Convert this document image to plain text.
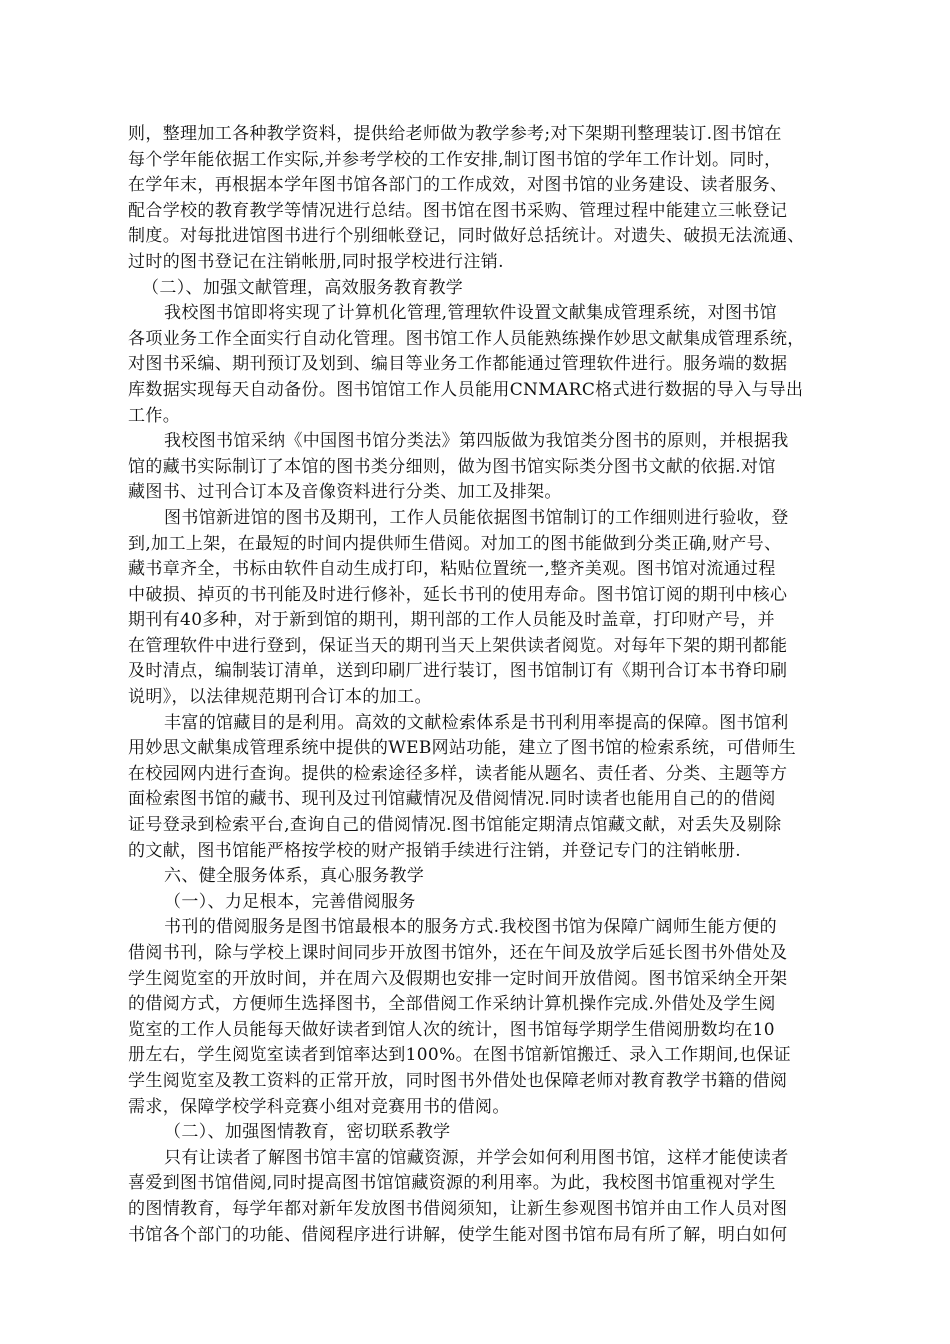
则，整理加工各种教学资料，提供给老师做为教学参考;对下架期刊整理装订.图书馆在
每个学年能依据工作实际,并参考学校的工作安排,制订图书馆的学年工作计划。同时，
在学年末，再根据本学年图书馆各部门的工作成效，对图书馆的业务建设、读者服务、
配合学校的教育教学等情况进行总结。图书馆在图书采购、管理过程中能建立三帐登记
制度。对每批进馆图书进行个别细帐登记，同时做好总括统计。对遗失、破损无法流通、
过时的图书登记在注销帐册,同时报学校进行注销.
（二）、加强文献管理，高效服务教育教学
我校图书馆即将实现了计算机化管理,管理软件设置文献集成管理系统，对图书馆
各项业务工作全面实行自动化管理。图书馆工作人员能熟练操作妙思文献集成管理系统，
对图书采编、期刊预订及划到、编目等业务工作都能通过管理软件进行。服务端的数据
库数据实现每天自动备份。图书馆馆工作人员能用CNMARC格式进行数据的导入与导出
工作。
我校图书馆采纳《中国图书馆分类法》第四版做为我馆类分图书的原则，并根据我
馆的藏书实际制订了本馆的图书类分细则，做为图书馆实际类分图书文献的依据.对馆
藏图书、过刊合订本及音像资料进行分类、加工及排架。
图书馆新进馆的图书及期刊，工作人员能依据图书馆制订的工作细则进行验收，登
到,加工上架，在最短的时间内提供师生借阅。对加工的图书能做到分类正确,财产号、
藏书章齐全，书标由软件自动生成打印，粘贴位置统一,整齐美观。图书馆对流通过程
中破损、掉页的书刊能及时进行修补，延长书刊的使用寿命。图书馆订阅的期刊中核心
期刊有40多种，对于新到馆的期刊，期刊部的工作人员能及时盖章，打印财产号，并
在管理软件中进行登到，保证当天的期刊当天上架供读者阅览。对每年下架的期刊都能
及时清点，编制装订清单，送到印刷厂进行装订，图书馆制订有《期刊合订本书脊印刷
说明》，以法律规范期刊合订本的加工。
丰富的馆藏目的是利用。高效的文献检索体系是书刊利用率提高的保障。图书馆利
用妙思文献集成管理系统中提供的WEB网站功能，建立了图书馆的检索系统，可借师生
在校园网内进行查询。提供的检索途径多样，读者能从题名、责任者、分类、主题等方
面检索图书馆的藏书、现刊及过刊馆藏情况及借阅情况.同时读者也能用自己的的借阅
证号登录到检索平台,查询自己的借阅情况.图书馆能定期清点馆藏文献，对丢失及剔除
的文献，图书馆能严格按学校的财产报销手续进行注销，并登记专门的注销帐册.
六、健全服务体系，真心服务教学
（一）、力足根本，完善借阅服务
书刊的借阅服务是图书馆最根本的服务方式.我校图书馆为保障广阔师生能方便的
借阅书刊，除与学校上课时间同步开放图书馆外，还在午间及放学后延长图书外借处及
学生阅览室的开放时间，并在周六及假期也安排一定时间开放借阅。图书馆采纳全开架
的借阅方式，方便师生选择图书，全部借阅工作采纳计算机操作完成.外借处及学生阅
览室的工作人员能每天做好读者到馆人次的统计，图书馆每学期学生借阅册数均在10
册左右，学生阅览室读者到馆率达到100%。在图书馆新馆搬迁、录入工作期间,也保证
学生阅览室及教工资料的正常开放，同时图书外借处也保障老师对教育教学书籍的借阅
需求，保障学校学科竞赛小组对竞赛用书的借阅。
（二）、加强图情教育，密切联系教学
只有让读者了解图书馆丰富的馆藏资源，并学会如何利用图书馆，这样才能使读者
喜爱到图书馆借阅,同时提高图书馆馆藏资源的利用率。为此，我校图书馆重视对学生
的图情教育，每学年都对新年发放图书借阅须知，让新生参观图书馆并由工作人员对图
书馆各个部门的功能、借阅程序进行讲解，使学生能对图书馆布局有所了解，明白如何
